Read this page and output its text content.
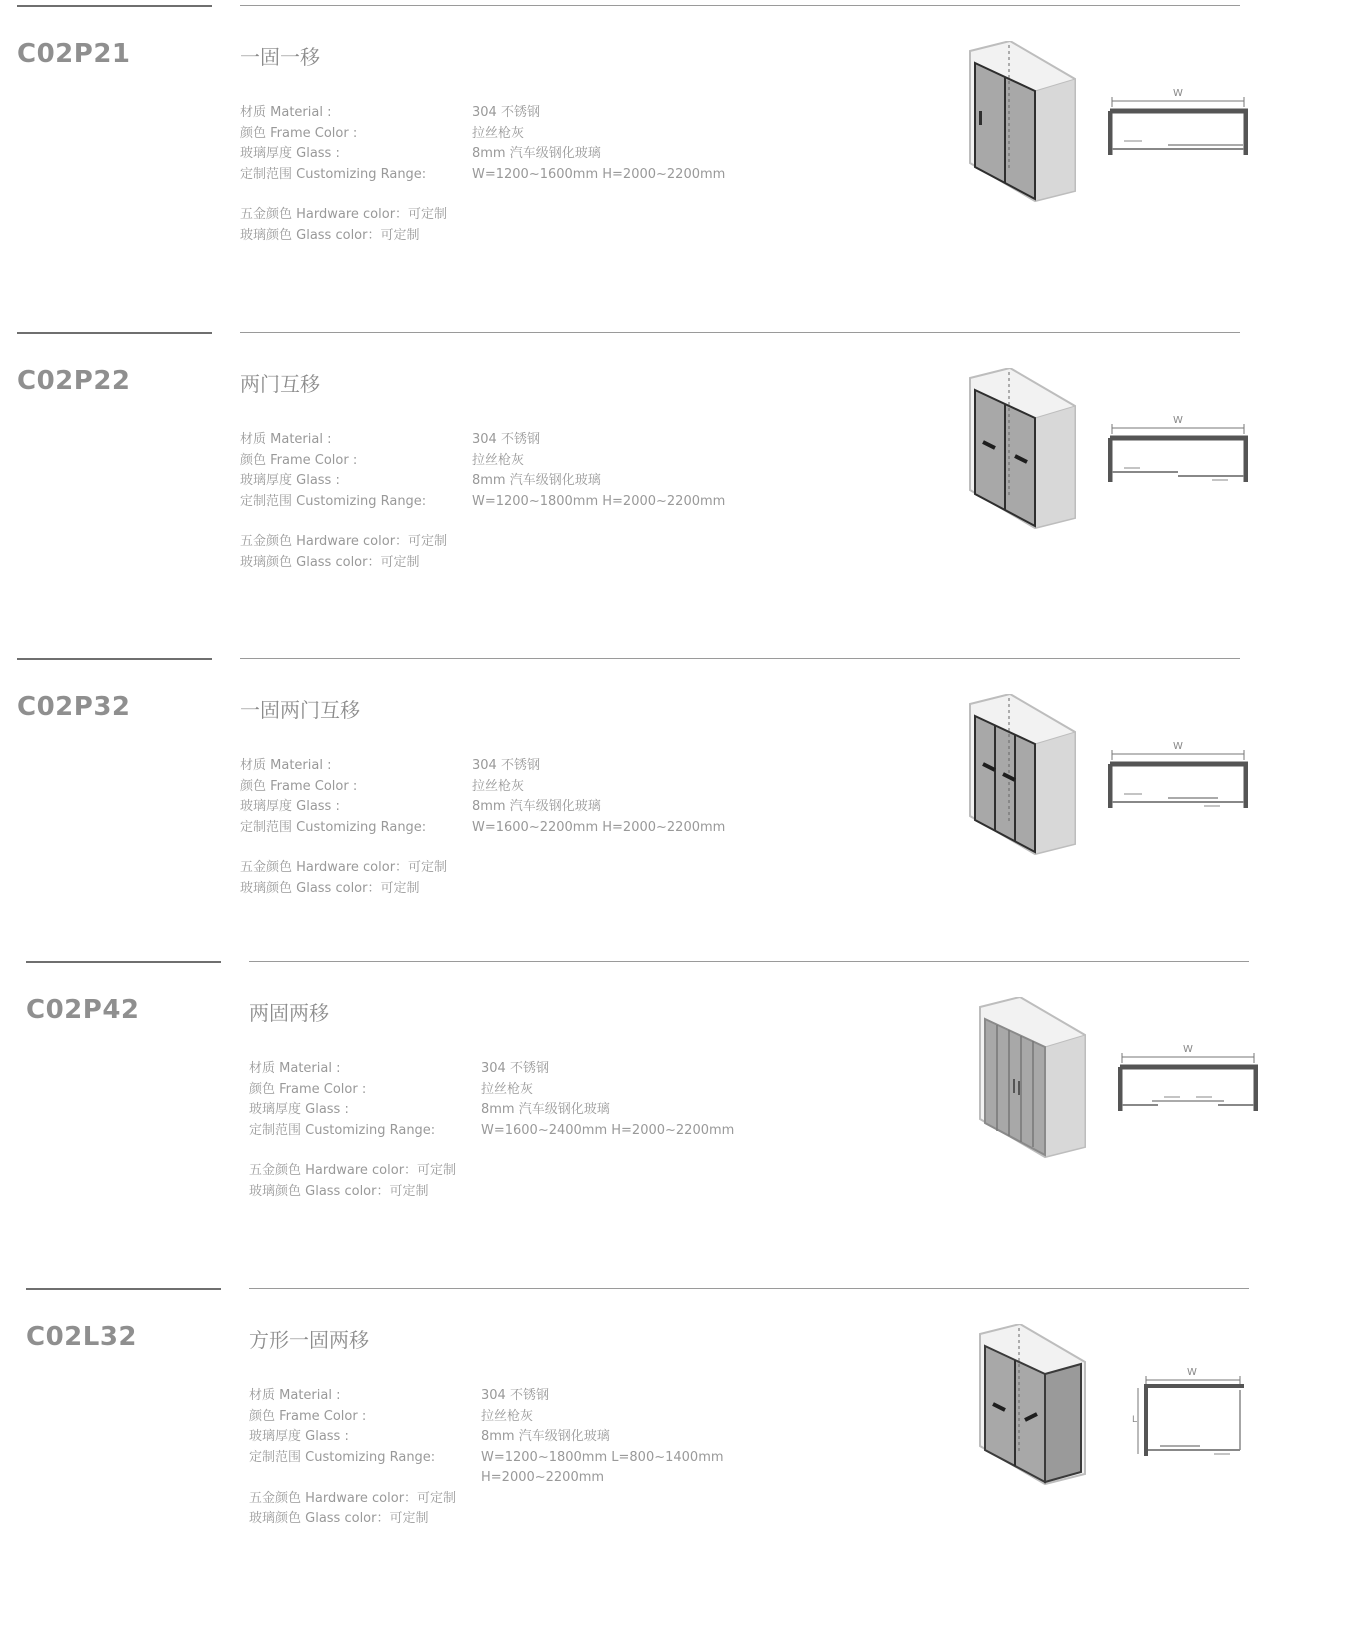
C02P21	一固一移
材质 Material :	304 不锈钢
颜色 Frame Color :	拉丝枪灰
玻璃厚度 Glass :	8mm 汽车级钢化玻璃
定制范围 Customizing Range:	W=1200~1600mm H=2000~2200mm
五金颜色 Hardware color：可定制
玻璃颜色 Glass color：可定制
W
C02P22	两门互移
材质 Material :	304 不锈钢
颜色 Frame Color :	拉丝枪灰
玻璃厚度 Glass :	8mm 汽车级钢化玻璃
定制范围 Customizing Range:	W=1200~1800mm H=2000~2200mm
五金颜色 Hardware color：可定制
玻璃颜色 Glass color：可定制
W
C02P32	一固两门互移
材质 Material :	304 不锈钢
颜色 Frame Color :	拉丝枪灰
玻璃厚度 Glass :	8mm 汽车级钢化玻璃
定制范围 Customizing Range:	W=1600~2200mm H=2000~2200mm
五金颜色 Hardware color：可定制
玻璃颜色 Glass color：可定制
W
C02P42	两固两移
材质 Material :	304 不锈钢
颜色 Frame Color :	拉丝枪灰
玻璃厚度 Glass :	8mm 汽车级钢化玻璃
定制范围 Customizing Range:	W=1600~2400mm H=2000~2200mm
五金颜色 Hardware color：可定制
玻璃颜色 Glass color：可定制
W
C02L32	方形一固两移
材质 Material :	304 不锈钢
颜色 Frame Color :	拉丝枪灰
玻璃厚度 Glass :	8mm 汽车级钢化玻璃
定制范围 Customizing Range:	W=1200~1800mm L=800~1400mm
H=2000~2200mm
五金颜色 Hardware color：可定制
玻璃颜色 Glass color：可定制
W
L
